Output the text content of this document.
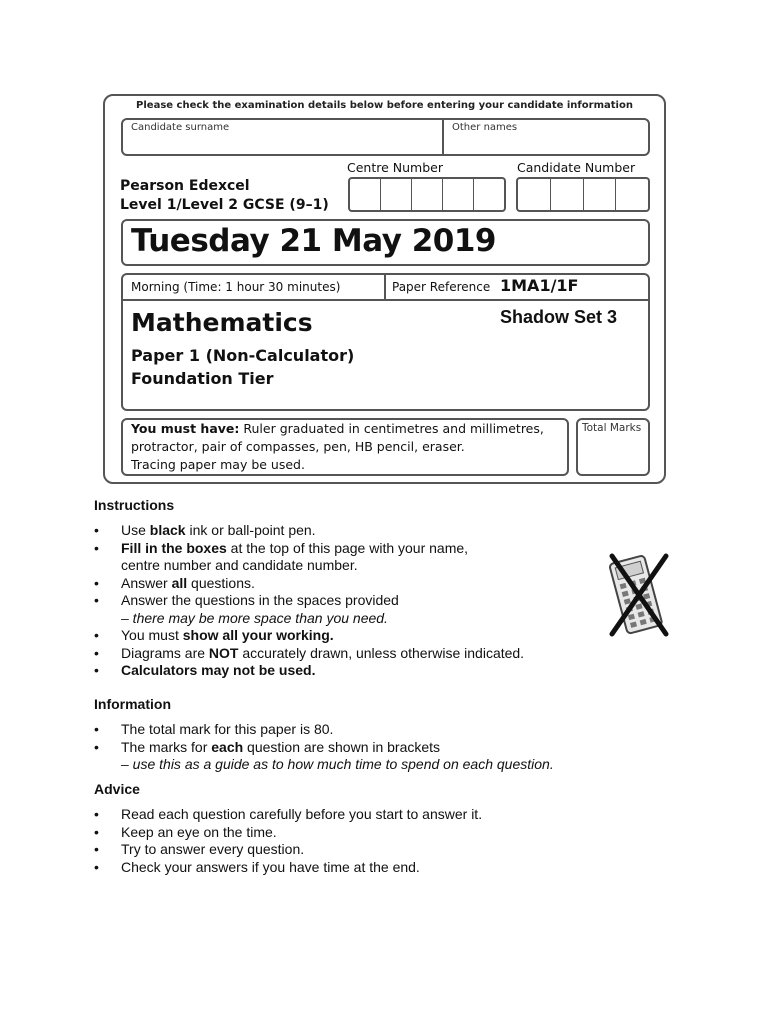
Please check the examination details below before entering your candidate information
Candidate surname	Other names
Centre Number	Candidate Number
Pearson Edexcel
Level 1/Level 2 GCSE (9–1)
Tuesday 21 May 2019
Morning (Time: 1 hour 30 minutes)	Paper Reference 1MA1/1F
Mathematics	Shadow Set 3
Paper 1 (Non-Calculator)
Foundation Tier
You must have: Ruler graduated in centimetres and millimetres,
protractor, pair of compasses, pen, HB pencil, eraser.
Tracing paper may be used.
Total Marks
Instructions
• Use black ink or ball-point pen.
• Fill in the boxes at the top of this page with your name,
centre number and candidate number.
• Answer all questions.
• Answer the questions in the spaces provided
– there may be more space than you need.
• You must show all your working.
• Diagrams are NOT accurately drawn, unless otherwise indicated.
• Calculators may not be used.
Information
• The total mark for this paper is 80.
• The marks for each question are shown in brackets
– use this as a guide as to how much time to spend on each question.
Advice
• Read each question carefully before you start to answer it.
• Keep an eye on the time.
• Try to answer every question.
• Check your answers if you have time at the end.
